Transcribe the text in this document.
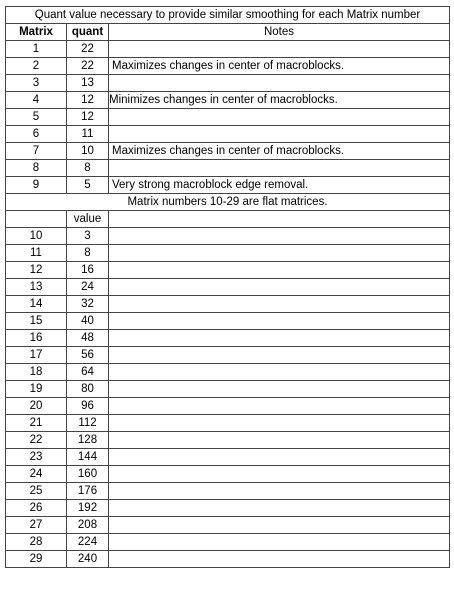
Quant value necessary to provide similar smoothing for each Matrix number		
Matrix	quant	Notes
1	22	
2	22	Maximizes changes in center of macroblocks.
3	13	
4	12	Minimizes changes in center of macroblocks.
5	12	
6	11	
7	10	Maximizes changes in center of macroblocks.
8	8	
9	5	Very strong macroblock edge removal.
Matrix numbers 10-29 are flat matrices.		
	value	
10	3	
11	8	
12	16	
13	24	
14	32	
15	40	
16	48	
17	56	
18	64	
19	80	
20	96	
21	112	
22	128	
23	144	
24	160	
25	176	
26	192	
27	208	
28	224	
29	240	
